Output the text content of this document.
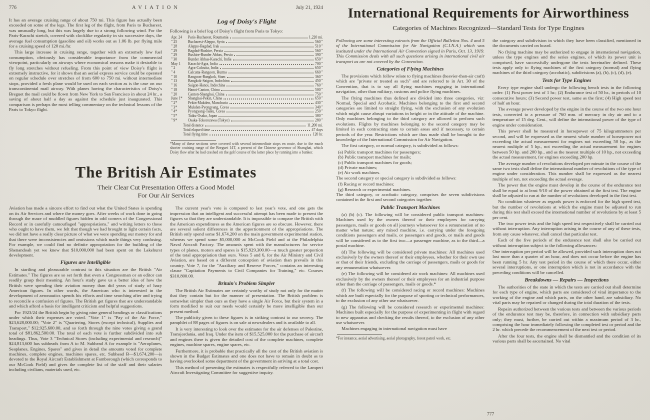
776	AVIATION	July 21, 1924

It has an average cruising range of about 750 mi. This figure has actually been exceeded on some of the legs. The first leg of the flight, from Paris to Bucharest, was unusually long, but this was largely due to a strong following wind. For the Paris-Karachi stretch, covered with clocklike regularity in six successive days, the average fuel consumption (gasoline and oil) works out as 1.06 lb. per flying mile for a cruising speed of 120 mi./hr.

This large increase in cruising range, together with an extremely low fuel consumption, obviously has considerable importance from the commercial viewpoint, particularly on airways where economical reasons make it desirable to fly long stretches without refueling. From this point of view Doisy's flight is extremely instructive, for it shows that an aerial express service could be operated on regular schedule over stretches of from 600 to 750 mi. without intermediate stops, provided a fresh plane would be used on each section as is the case on our transcontinental mail airway. With planes having the characteristics of Doisy's Breguet the mail could be flown from New York to San Francisco in about 24 hr., a saving of about half a day as against the schedule just inaugurated. This comparison is perhaps the most telling commentary on the technical lessons of the Paris to Tokyo flight.

Log of Doisy's Flight

Following is a brief log of Doisy's flight from Paris to Tokyo:

Apr. 24 Paris-Bucharest, Roumania	1,220 mi.
" 25	Bucharest-Aleppo, Syria	560 "
" 28	Aleppo-Bagdad, Irak	510 "
" 29	Bagdad-Bushire, Persia	560 "
" 29	Bushire-Bunder Abbas, Persia	390 "
" 30	Bunder Abbas-Karachi, India	650 "
May 1	Karachi-Agra, India	700 "
" 2	Agra-Calcutta, India	650 "
" 4	Calcutta-Rangoon, Burma	660 "
" 10	Rangoon-Bangkok, Siam	360 "
" 13	Bangkok-Saigon, Indochina	450 "
" 16	Saigon-Hanoi, Indochina	760 "
" 18	Hanoi-Canton, China	500 "
" 20	Canton-Shanghai, China	750 "
June 1* Shanghai-Pekin, China	650 "
" 2*	Pekin-Mukden, Manchuria	430 "
" 3*	Mukden-Pyongyang, Corea	340 "
" 4*	Pyongyang-Taiku, Corea	250 "
" 5*	Taiku-Osaka, Japan	380 "
" 9*	Osaka-Tokorozawa (Tokyo)	280 "
Total distance	11,200 mi.
Total elapsed time	47 days
Total flying time	120 hr.

*Many of these sections were covered with several intermediate stops en route, due to the much shorter cruising range of the Breguet 14T, a present of the Chinese governor of Shanghai, which Doisy flew after he had crashed on the golf course of the latter place by running into a bunker.

The British Air Estimates
Their Clear Cut Presentation Offers a Good Model
For Our Air Services

Aviation has made a sincere effort to find out what the United States is spending on its Air Services and where the money goes. After weeks of work done in going through the maze of muddled figures hidden in odd corners of the Congressional Record or in carefully camouflaged "appropriations," and writing letters to those who ought to have them, we felt that though we had brought to light certain facts, we did not have a really clear picture of what we were spending our money for and that there were inconsistencies and omissions which made things very confusing. For example, we could find no definite appropriation for the building of the Shenandoah yet we knew that $10,000,000 had been spent on the Lakehurst development.

Figures are Intelligible

In startling and pleasurable contrast to this situation are the British "Air Estimates." The figures are so set forth that even a Congressman or an editor can readily grasp their meaning. An hour's study gave us a better idea of how the British were spending their aviation money than did years of study of hazy American figures. In other words, the American who is interested in the development of aeronautics spends his efforts and time searching after and trying to reconcile a confusion of figures. The British get figures that are understandable and which afford a basis for intelligent criticism and helpful suggestions.

For 1923/24 the British begin by giving nine general headings or classifications under which their expenses are voted. "Vote 1" is "Pay of the Air Force," $23,628,000.00; "Vote 2" is "Quartering, Stores (except technical), Supplies and Transport," $12,925,600.00, and so forth through the nine votes giving a grand total of $81,862,500.00. The total of each vote is further subdivided into sub headings. Thus, Vote 3 "Technical Stores (including experimental and research)" $24,813,600 has subheads from A to M. Subhead A for example is "Aeroplanes, Seaplanes, Engines, Spares" and gives in detail the amounts voted for complete machines, complete engines, machines spares, etc. Subhead B—$1,674,200—is devoted to the Royal Aircraft Establishment at Farnborough (which corresponds to our McCook Field) and gives the complete list of the staff and their salaries including civilians, materials used, etc.

The current year's vote is compared to last year's vote, and one gets the impression that an intelligent and successful attempt has been made to present the figures so that they are understandable. It is impossible to compare the British with the American expenditures as the American figures are so obscure. However, there are several salient differences in the apportionment of the appropriations. The British only spend some $1,674,200 on the main government experimental station, whereas we spend some $5,000,000 at McCook Field and at the Philadelphia Naval Aircraft Factory. The amounts spent with the manufacturers for service types of planes, motors and spares is $15,929,300.00—a much greater proportion of the total appropriation than ours. Votes 5 and 6, for the Air Ministry and Civil Aviation, are based on a different conception of aviation than prevails in this country. Vote 7, for the "Auxiliary and Reserve Forces," contains an interesting clause "Capitation Payments to Civil Companies for Training," etc. Courses $310,800.00.

Britain's Problem Simpler

The British Air Estimates are certainly worthy of study not only for the matter that they contain but for the manner of presentation. The British problem is somewhat simpler than ours as they have a single Air Force, but their system in a form modified to suit our needs would certainly be more intelligible than our present method.

The publicity given to these figures is in striking contrast to our secrecy. The pamphlet of 88 pages of figures is on sale at newsdealers and is available to all.

It is very interesting to look over the estimates for the air defenses of Palestine, Transjordania, and Iraq. Under the item of $15,525,000 for the purchase of aircraft and engines there is given the detailed cost of the complete machines, complete engines, machine spares, engine spares, etc.

Furthermore, it is probable that practically all the cost of the British aviation is shown in the Budget Estimates and one does not have to remain in doubt as to having overlooked some department of the government in arriving at a total cost.

This method of presenting the estimates is respectfully referred to the Lampert Aircraft Investigating Committee for suggestive inquiry.

International Requirements for Airworthiness
Categories of Machines Recognized—Standard Tests for Type Engines

Following are some interesting extracts from the Official Bulletins Nos. 4 and 5 of the International Commission for Air Navigation (C.I.N.A.) which was instituted under the International Air Convention signed in Paris, Oct. 13, 1919. This Commission deals with all such questions arising in international civil air transport as are not covered by the Convention.

Categories of Flying Machines

The provisions which follow relate to flying machines (heavier-than-air craft) which are "private or treated as such" and are referred to in Art. 30 of the Convention, that is to say all flying machines engaging in international navigation, other than military, customs and police flying machines.

The flying machines thus defined are divided into three categories, viz: Normal, Special and Acrobatic. Machines belonging to the first and second categories are limited to straight flying, with the exclusion of any evolution which might cause abrupt variations in height or in the attitude of the machine. Only machines belonging to the third category are allowed to perform such evolutions. Flights by machines belonging to the second category may be limited in each contracting state to certain areas and if necessary, to certain periods of the year. Restrictions which are thus made shall be brought to the knowledge of the International Commission for Air Navigation.

The first category, or normal category, is subdivided as follows:

(a) Public transport machines for passengers;

(b) Public transport machines for mails;

(c) Public transport machines for goods;

(d) Private machines;

(e) Air work machines.

The second category or special category is subdivided as follows:

(f) Racing or record machines;

(g) Research or experimental machines.

The third category, or acrobatic category, comprises the seven subdivisions contained in the first and second categories together.

Public Transport Machines

(a) (b) (c). The following will be considered public transport machines: Machines used by the owners thereof or their employees for carrying passengers, mails or goods on all journeys whatsoever for a remuneration of no matter what nature; any mixed machine, i.e. carrying under the foregoing conditions passengers and mails, or passengers and goods, or mails and goods will be considered as to the first two—a passenger machine, as to the third—a postal machine.

(d) The following will be considered private machines: All machines used exclusively by the owners thereof or their employees, whether for their own use or that of their friends, excluding the carriage of passengers, mails or goods for any remuneration whatsoever.

(e) The following will be considered air work machines: All machines used exclusively by the owners thereof or their employees for an industrial purpose other than the carriage of passengers, mails or goods.*

(f) The following will be considered racing or record machines: Machines which are built especially for the purpose of sporting or technical performances, to the exclusion of any other use whatsoever.

(g) The following will be considered research or experimental machines: Machines built especially for the purpose of experimenting in flight with regard to new apparatus and checking the results thereof, to the exclusion of any other use whatsoever.

Machines engaging in international navigation must have

*For instance, aerial advertising, aerial photography, forest patrol work, etc.

the category and subdivision in which they have been classified, mentioned in the documents carried on board.

No flying machine may be authorized to engage in international navigation, unless the type engines and the series engines, of which its power unit is comprised, have successfully undergone the tests hereinafter defined. These tests apply only to flying machines of the first category (normal) and flying machines of the third category (acrobatic), subdivisions (a), (b), (c), (d), (e).

Tests for Type Engines

Every type engine shall undergo the following bench tests in the following order: (1) First power test of 1 hr.; (2) Endurance test of 50 hr., in periods of 10 consecutive hours; (3) Second power test, same as the first; (4) High speed test of half an hour.

The average power developed by the engine in the course of the two one hour tests, converted to a pressure of 760 mm. of mercury in dry air and to a temperature of 15 deg. Cent., will define the international power of the type of engine under consideration.

This power shall be measured in horsepower of 75 kilogrammeters per second, and will be expressed as the nearest whole number of horsepower not exceeding the actual measurement for engines not exceeding 50 hp., as the nearest multiple of 5 hp., not exceeding the actual measurement for engines between 50 hp. and 200 hp., and as the nearest multiple of 10 hp., not exceeding the actual measurement, for engines exceeding 200 hp.

The average number of revolutions developed per minute in the course of the same two tests shall define the international number of revolutions of the type of engine under consideration. This number shall be expressed as the nearest multiple of ten, not exceeding the actual average.

The power that the engine must develop in the course of the endurance test shall be equal to at least 9/10 of the power obtained at the first test. The engine shall be adjusted to run at the number of revolutions developed in the first test.

No condition whatever as regards power is enforced for the high speed test, but the number of revolutions at which the engine must be adjusted to run during this test shall exceed the international number of revolutions by at least 5 per cent.

The two power tests and the high speed test respectively shall be carried out without interruption. Any interruption arising in the course of any of these tests, from any cause whatever, shall cancel that particular test.

Each of the five periods of the endurance test shall also be carried out without interruption subject to the following allowances:

One interruption per period will be allowed, provided such interruption does not last more than a quarter of an hour, and does not occur before the engine has been running 5 hr. Any test period in the course of which there occur, either several interruptions, or one interruption which is not in accordance with the preceding conditions will be cancelled.

Breakdowns — Repairs — Inspections

The authorities of the state in which the tests are carried out shall determine for each type of engine, which parts are considered of vital importance to the working of the engine and which parts, on the other hand, are subsidiary. No vital parts may be repaired or changed during the total duration of the tests.

Repairs authorized between the various tests and between the various periods of the endurance test may be, therefore, in connection with subsidiary parts only; they must, further, be carried out within a maximum period of 3 hr., comprising the hour immediately following the completed test or period and the 2 hr. which precede the recommencement of the next test or period.

After the four tests, the engine shall be dismantled and the condition of its various parts shall be ascertained. No vital

777
